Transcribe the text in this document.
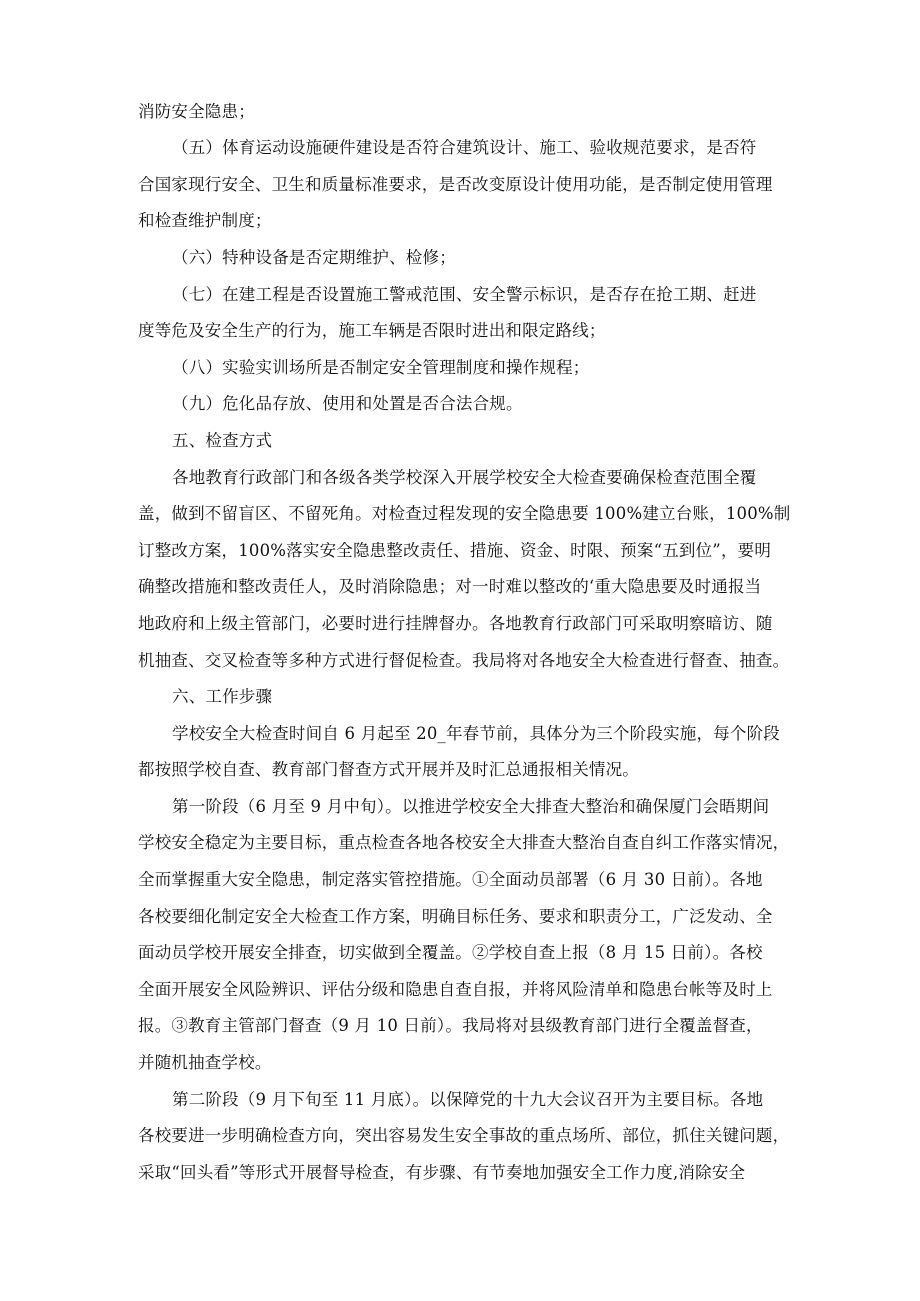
消防安全隐患；
（五）体育运动设施硬件建设是否符合建筑设计、施工、验收规范要求，是否符
合国家现行安全、卫生和质量标准要求，是否改变原设计使用功能，是否制定使用管理
和检查维护制度；
（六）特种设备是否定期维护、检修；
（七）在建工程是否设置施工警戒范围、安全警示标识，是否存在抢工期、赶进
度等危及安全生产的行为，施工车辆是否限时进出和限定路线；
（八）实验实训场所是否制定安全管理制度和操作规程；
（九）危化品存放、使用和处置是否合法合规。
五、检查方式
各地教育行政部门和各级各类学校深入开展学校安全大检查要确保检查范围全覆
盖，做到不留盲区、不留死角。对检查过程发现的安全隐患要 100%建立台账，100%制
订整改方案，100%落实安全隐患整改责任、措施、资金、时限、预案“五到位”，要明
确整改措施和整改责任人，及时消除隐患；对一时难以整改的‘重大隐患要及时通报当
地政府和上级主管部门，必要时进行挂牌督办。各地教育行政部门可采取明察暗访、随
机抽查、交叉检查等多种方式进行督促检查。我局将对各地安全大检查进行督查、抽查。
六、工作步骤
学校安全大检查时间自 6 月起至 20_年春节前，具体分为三个阶段实施，每个阶段
都按照学校自查、教育部门督查方式开展并及时汇总通报相关情况。
第一阶段（6 月至 9 月中旬）。以推进学校安全大排查大整治和确保厦门会晤期间
学校安全稳定为主要目标，重点检查各地各校安全大排查大整治自查自纠工作落实情况，
全而掌握重大安全隐患，制定落实管控措施。①全面动员部署（6 月 30 日前）。各地
各校要细化制定安全大检查工作方案，明确目标任务、要求和职责分工，广泛发动、全
面动员学校开展安全排查，切实做到全覆盖。②学校自查上报（8 月 15 日前）。各校
全面开展安全风险辨识、评估分级和隐患自查自报，并将风险清单和隐患台帐等及时上
报。③教育主管部门督查（9 月 10 日前）。我局将对县级教育部门进行全覆盖督查，
并随机抽查学校。
第二阶段（9 月下旬至 11 月底）。以保障党的十九大会议召开为主要目标。各地
各校要进一步明确检查方向，突出容易发生安全事故的重点场所、部位，抓住关键问题，
采取“回头看”等形式开展督导检查，有步骤、有节奏地加强安全工作力度,消除安全
